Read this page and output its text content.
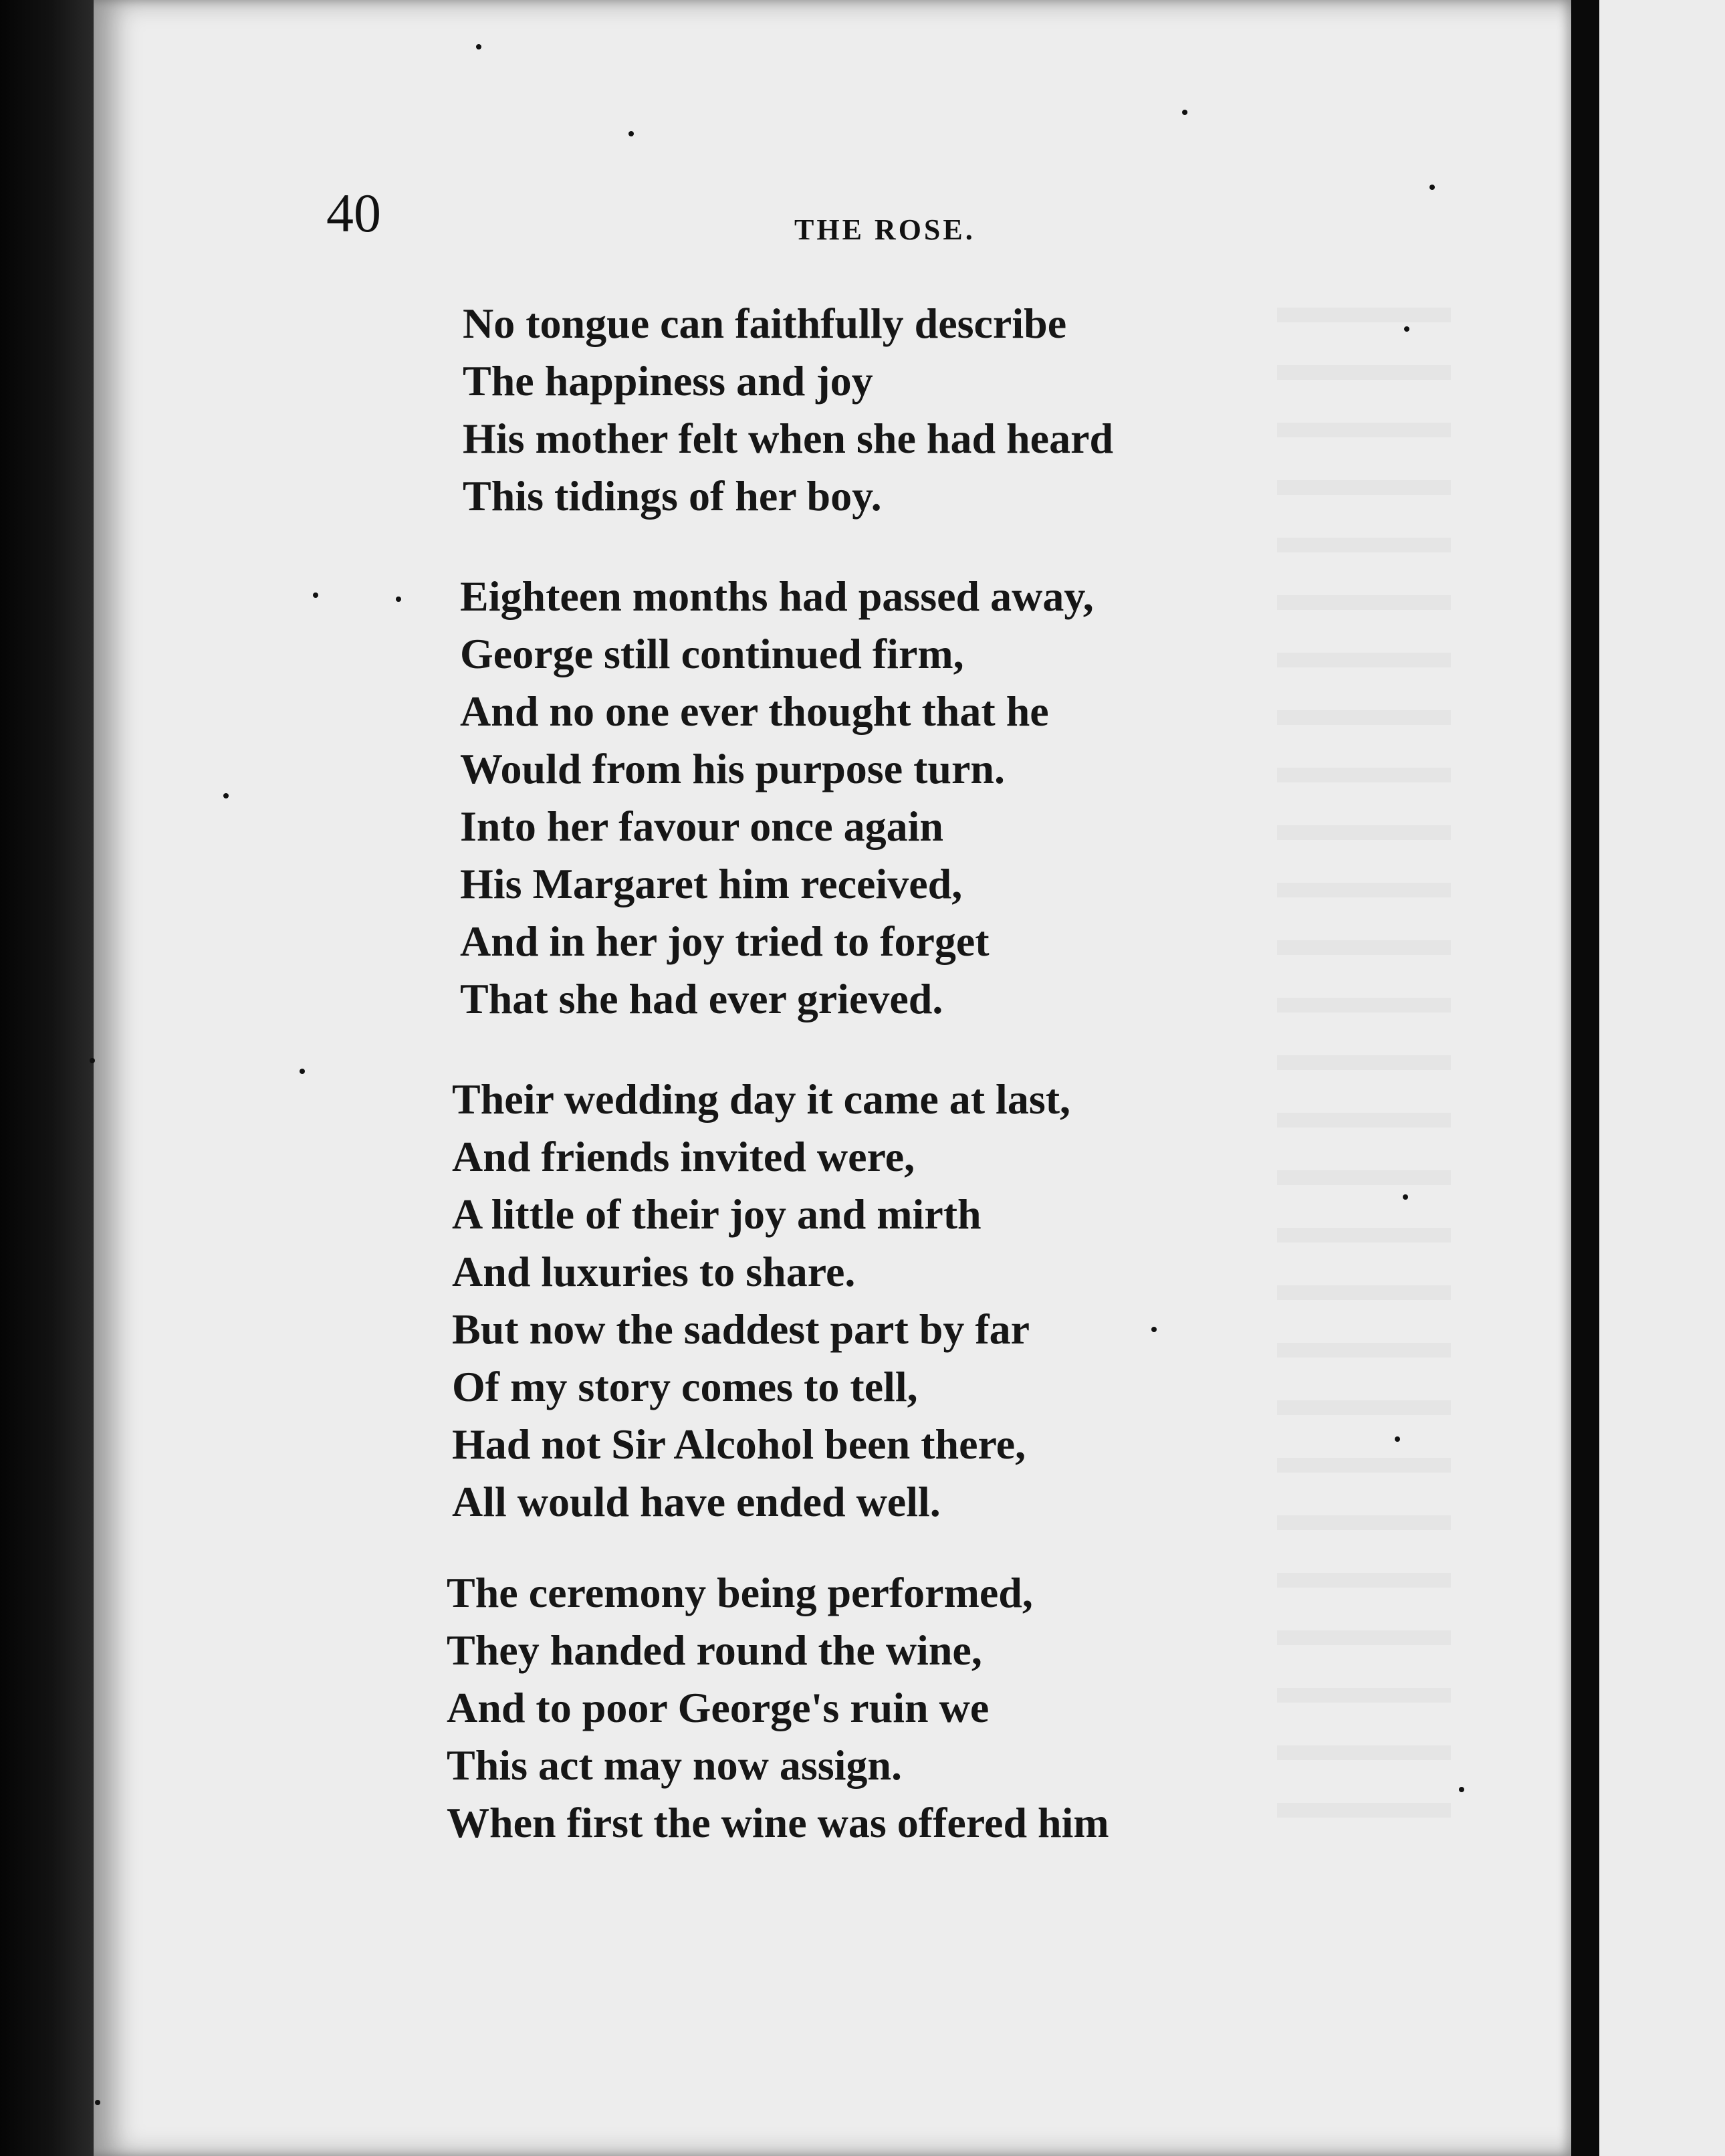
40	THE ROSE.
No tongue can faithfully describe
The happiness and joy
His mother felt when she had heard
This tidings of her boy.
Eighteen months had passed away,
George still continued firm,
And no one ever thought that he
Would from his purpose turn.
Into her favour once again
His Margaret him received,
And in her joy tried to forget
That she had ever grieved.
Their wedding day it came at last,
And friends invited were,
A little of their joy and mirth
And luxuries to share.
But now the saddest part by far
Of my story comes to tell,
Had not Sir Alcohol been there,
All would have ended well.
The ceremony being performed,
They handed round the wine,
And to poor George's ruin we
This act may now assign.
When first the wine was offered him
